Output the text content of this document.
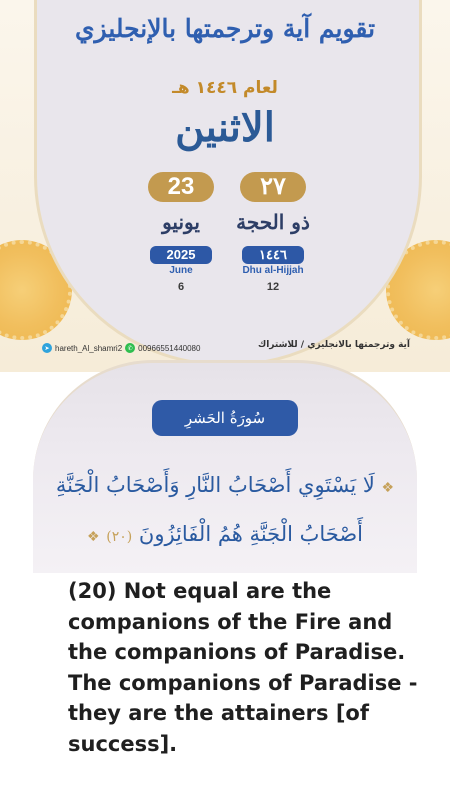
تقويم آية وترجمتها بالإنجليزي
لعام ١٤٤٦ هـ
الاثنين
23	٢٧
يونيو	ذو الحجة
2025	١٤٤٦
June	Dhu al-Hijjah
6	12
➤ hareth_Al_shamri2 ✆ 00966551440080	آية وترجمتها بالانجليزي / للاشتراك
سُورَةُ الحَشرِ
❖ لَا يَسْتَوِي أَصْحَابُ النَّارِ وَأَصْحَابُ الْجَنَّةِ أَصْحَابُ الْجَنَّةِ هُمُ الْفَائِزُونَ (٢٠) ❖
(20) Not equal are the companions of the Fire and the companions of Paradise. The companions of Paradise - they are the attainers [of success].
